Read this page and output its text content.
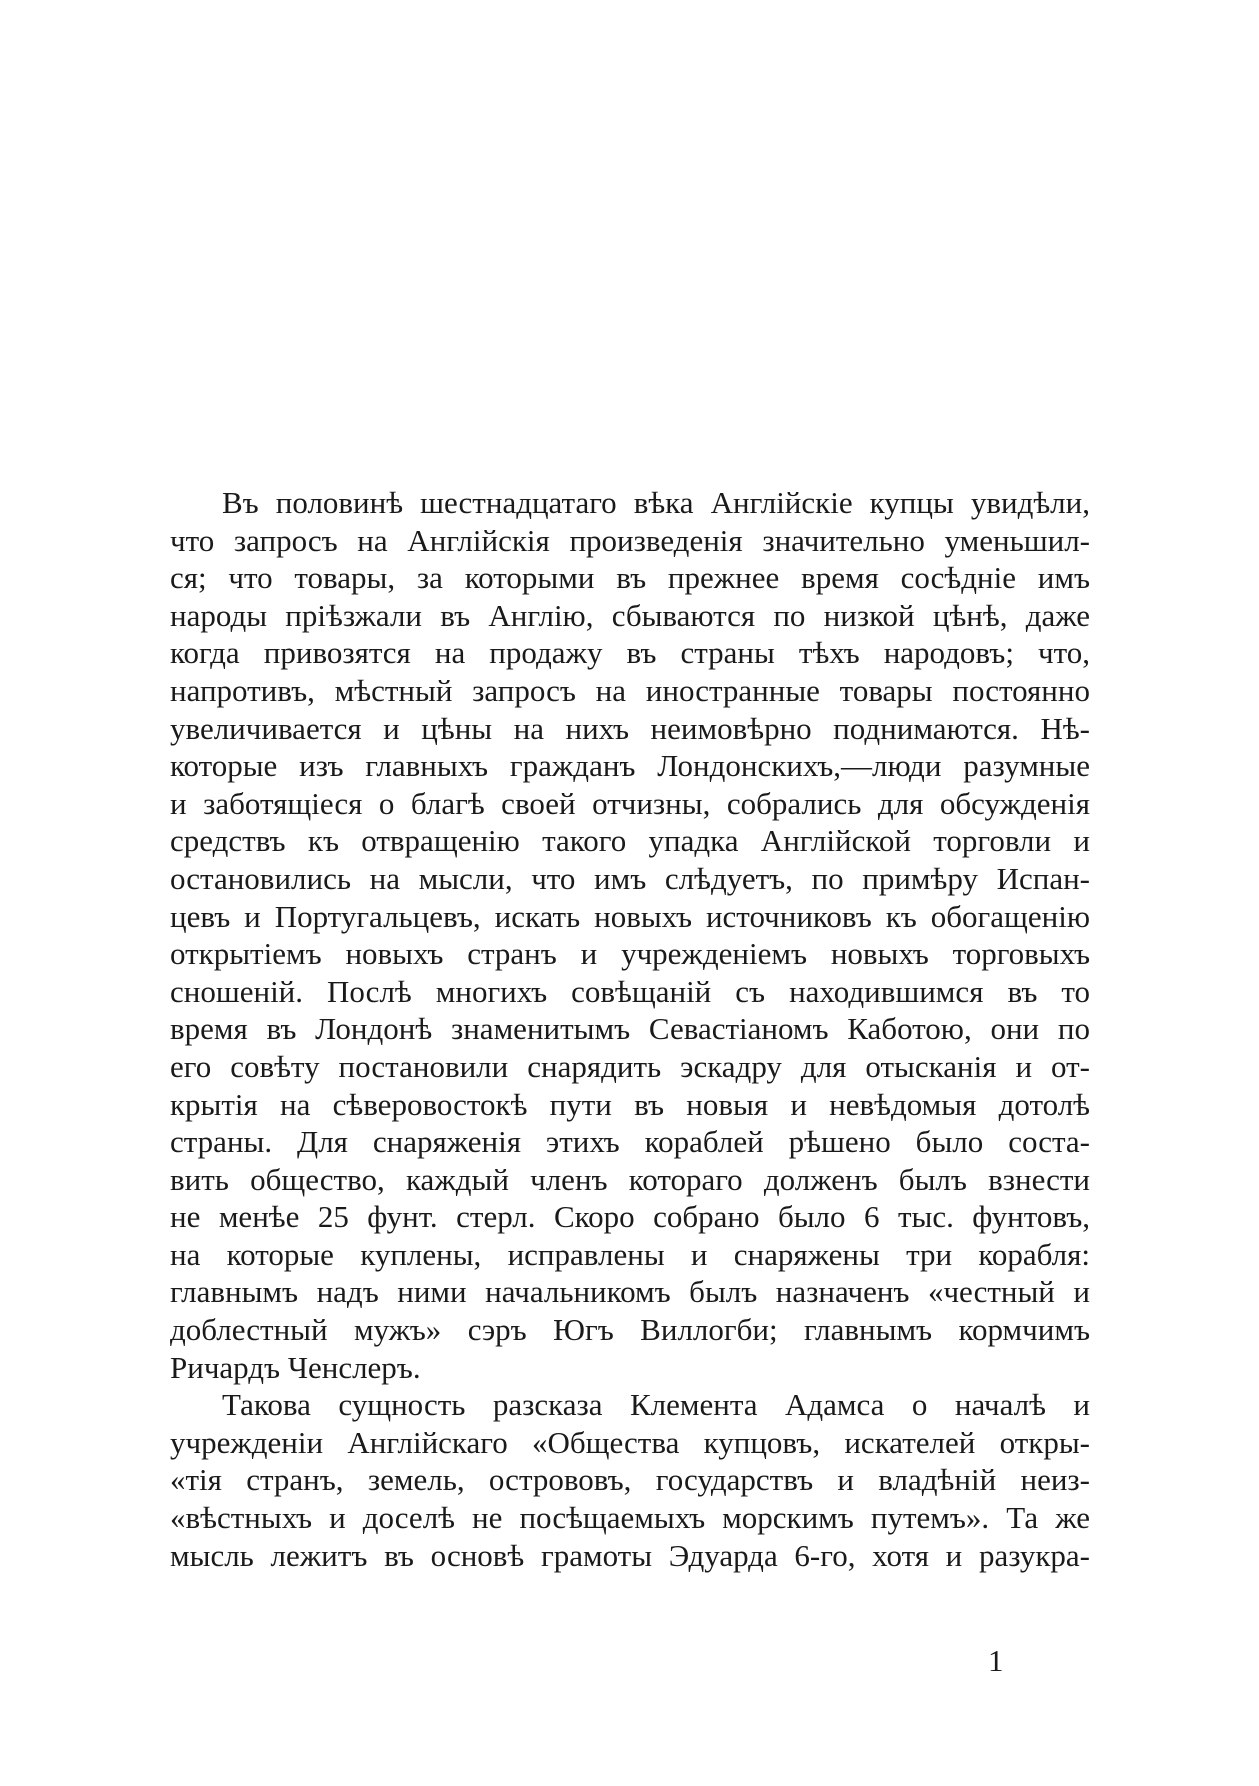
Въ половинѣ шестнадцатаго вѣка Англійскіе купцы увидѣли,
что запросъ на Англійскія произведенія значительно уменьшил-
ся; что товары, за которыми въ прежнее время сосѣдніе имъ
народы пріѣзжали въ Англію, сбываются по низкой цѣнѣ, даже
когда привозятся на продажу въ страны тѣхъ народовъ; что,
напротивъ, мѣстный запросъ на иностранные товары постоянно
увеличивается и цѣны на нихъ неимовѣрно поднимаются. Нѣ-
которые изъ главныхъ гражданъ Лондонскихъ,—люди разумные
и заботящіеся о благѣ своей отчизны, собрались для обсужденія
средствъ къ отвращенію такого упадка Англійской торговли и
остановились на мысли, что имъ слѣдуетъ, по примѣру Испан-
цевъ и Португальцевъ, искать новыхъ источниковъ къ обогащенію
открытіемъ новыхъ странъ и учрежденіемъ новыхъ торговыхъ
сношеній. Послѣ многихъ совѣщаній съ находившимся въ то
время въ Лондонѣ знаменитымъ Севастіаномъ Каботою, они по
его совѣту постановили снарядить эскадру для отысканія и от-
крытія на сѣверовостокѣ пути въ новыя и невѣдомыя дотолѣ
страны. Для снаряженія этихъ кораблей рѣшено было соста-
вить общество, каждый членъ котораго долженъ былъ взнести
не менѣе 25 фунт. стерл. Скоро собрано было 6 тыс. фунтовъ,
на которые куплены, исправлены и снаряжены три корабля:
главнымъ надъ ними начальникомъ былъ назначенъ «честный и
доблестный мужъ» сэръ Югъ Виллогби; главнымъ кормчимъ
Ричардъ Ченслеръ.
Такова сущность разсказа Клемента Адамса о началѣ и
учрежденіи Англійскаго «Общества купцовъ, искателей откры-
«тія странъ, земель, острововъ, государствъ и владѣній неиз-
«вѣстныхъ и доселѣ не посѣщаемыхъ морскимъ путемъ». Та же
мысль лежитъ въ основѣ грамоты Эдуарда 6-го, хотя и разукра-
1
